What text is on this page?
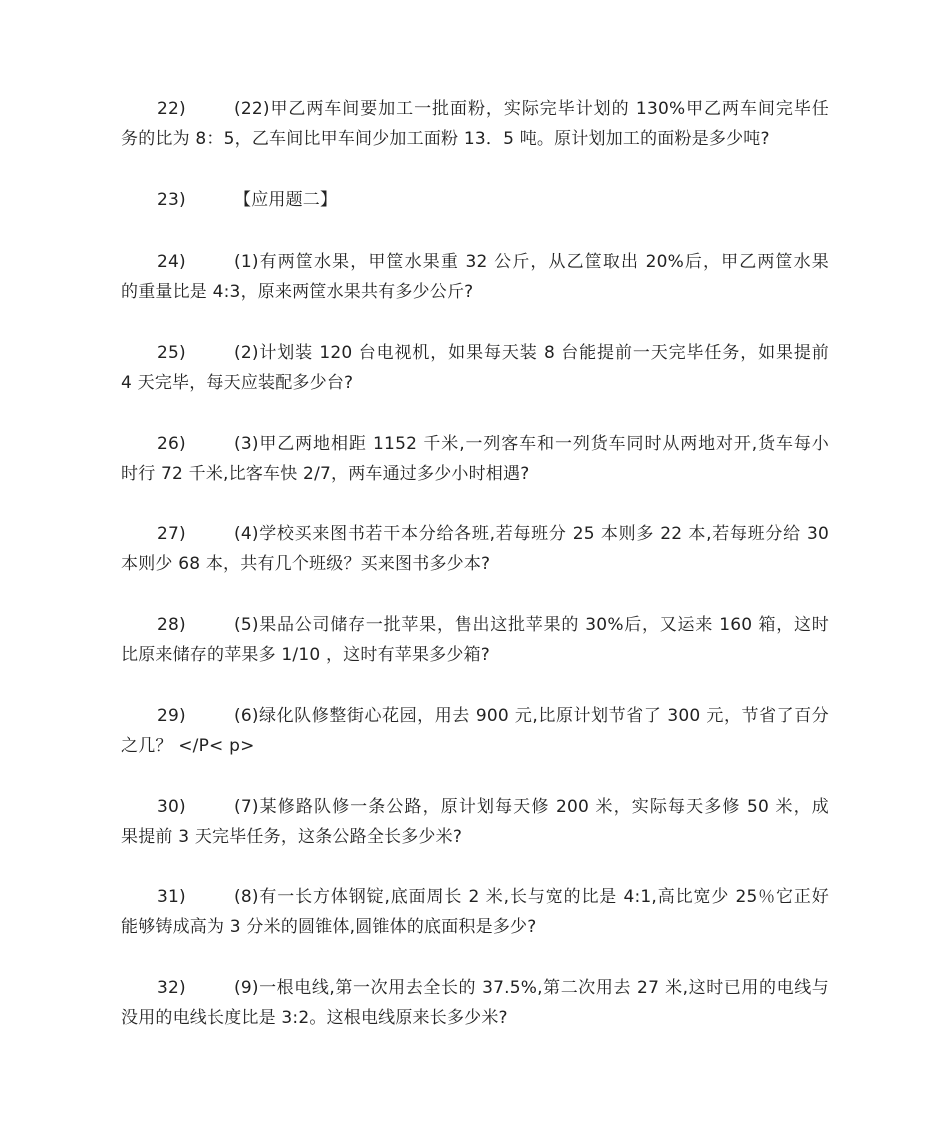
22)	(22)甲乙两车间要加工一批面粉，实际完毕计划的 130%甲乙两车间完毕任
务的比为 8：5，乙车间比甲车间少加工面粉 13．5 吨。原计划加工的面粉是多少吨?
23)	【应用题二】
24)	(1)有两筐水果，甲筐水果重 32 公斤，从乙筐取出 20%后，甲乙两筐水果
的重量比是 4:3，原来两筐水果共有多少公斤?
25)	(2)计划装 120 台电视机，如果每天装 8 台能提前一天完毕任务，如果提前
4 天完毕，每天应装配多少台?
26)	(3)甲乙两地相距 1152 千米,一列客车和一列货车同时从两地对开,货车每小
时行 72 千米,比客车快 2/7，两车通过多少小时相遇?
27)	(4)学校买来图书若干本分给各班,若每班分 25 本则多 22 本,若每班分给 30
本则少 68 本，共有几个班级？买来图书多少本?
28)	(5)果品公司储存一批苹果，售出这批苹果的 30%后，又运来 160 箱，这时
比原来储存的苹果多 1/10 ，这时有苹果多少箱?
29)	(6)绿化队修整街心花园，用去 900 元,比原计划节省了 300 元，节省了百分
之几？ </P< p>
30)	(7)某修路队修一条公路，原计划每天修 200 米，实际每天多修 50 米，成
果提前 3 天完毕任务，这条公路全长多少米?
31)	(8)有一长方体钢锭,底面周长 2 米,长与宽的比是 4:1,高比宽少 25％它正好
能够铸成高为 3 分米的圆锥体,圆锥体的底面积是多少?
32)	(9)一根电线,第一次用去全长的 37.5%,第二次用去 27 米,这时已用的电线与
没用的电线长度比是 3:2。这根电线原来长多少米?
